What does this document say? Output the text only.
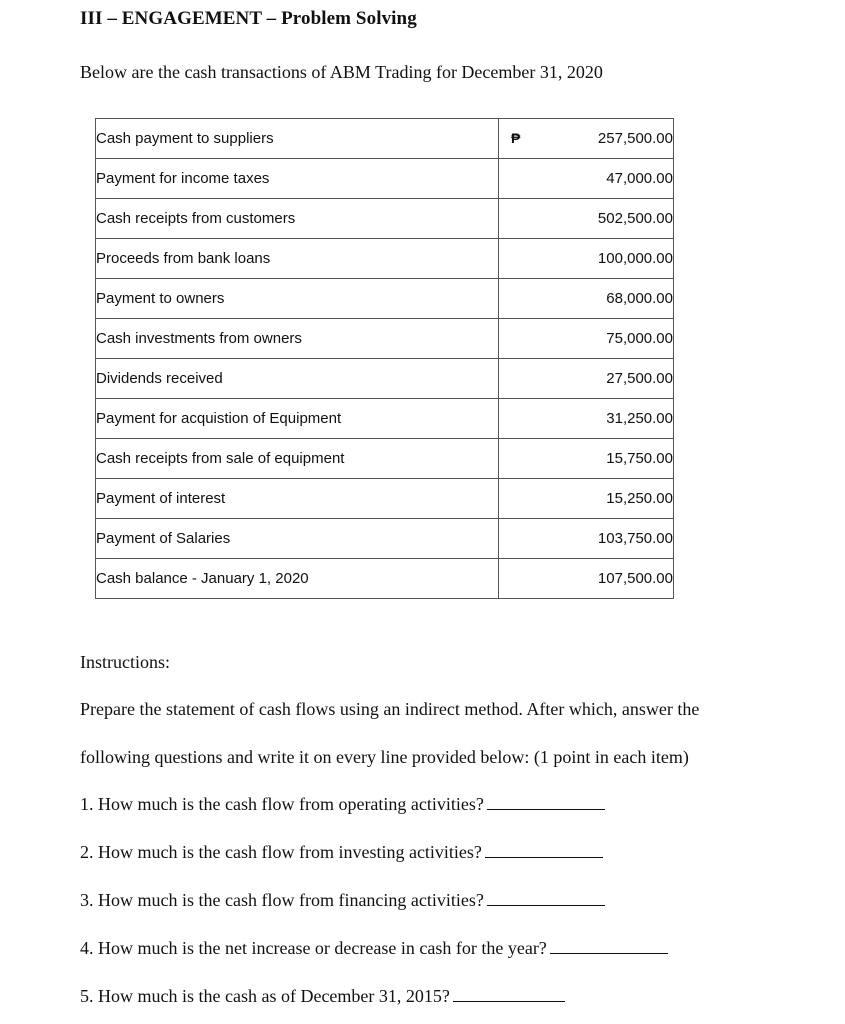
III – ENGAGEMENT – Problem Solving
Below are the cash transactions of ABM Trading for December 31, 2020
Cash payment to suppliers	₱ 257,500.00
Payment for income taxes	47,000.00
Cash receipts from customers	502,500.00
Proceeds from bank loans	100,000.00
Payment to owners	68,000.00
Cash investments from owners	75,000.00
Dividends received	27,500.00
Payment for acquistion of Equipment	31,250.00
Cash receipts from sale of equipment	15,750.00
Payment of interest	15,250.00
Payment of Salaries	103,750.00
Cash balance - January 1, 2020	107,500.00
Instructions:
Prepare the statement of cash flows using an indirect method. After which, answer the
following questions and write it on every line provided below: (1 point in each item)
1. How much is the cash flow from operating activities?
2. How much is the cash flow from investing activities?
3. How much is the cash flow from financing activities?
4. How much is the net increase or decrease in cash for the year?
5. How much is the cash as of December 31, 2015?
